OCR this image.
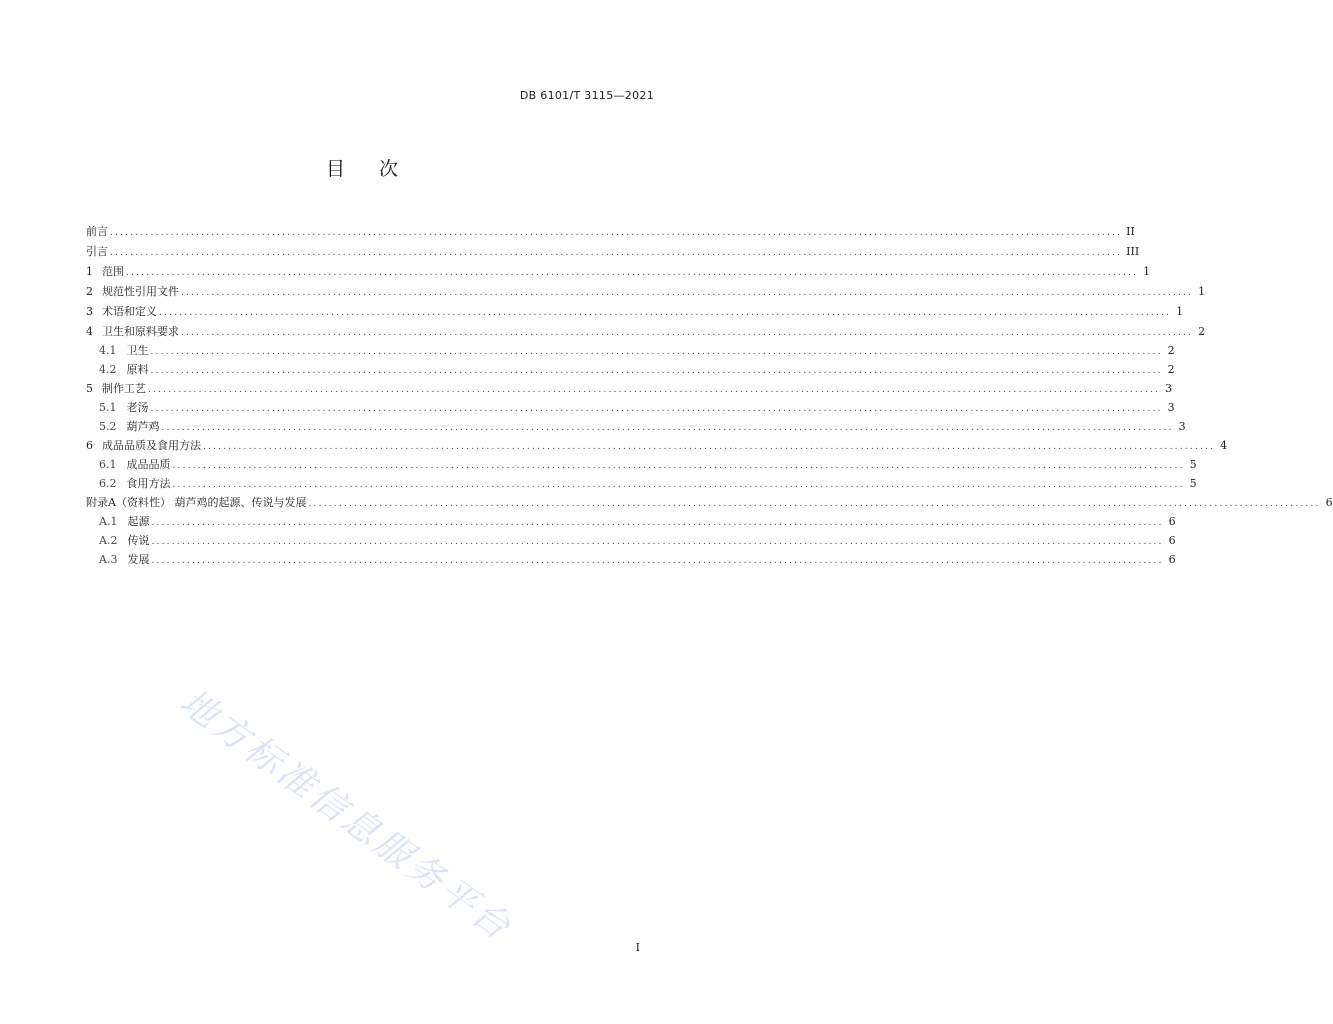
DB 6101/T 3115—2021
目次
前言 ........................................................................................................................................................................................................ II
引言 ........................................................................................................................................................................................................ III
1 范围 ........................................................................................................................................................................................................ 1
2 规范性引用文件 ........................................................................................................................................................................................................ 1
3 术语和定义 ........................................................................................................................................................................................................ 1
4 卫生和原料要求 ........................................................................................................................................................................................................ 2
4.1 卫生 ........................................................................................................................................................................................................ 2
4.2 原料 ........................................................................................................................................................................................................ 2
5 制作工艺 ........................................................................................................................................................................................................ 3
5.1 老汤 ........................................................................................................................................................................................................ 3
5.2 葫芦鸡 ........................................................................................................................................................................................................ 3
6 成品品质及食用方法 ........................................................................................................................................................................................................ 4
6.1 成品品质 ........................................................................................................................................................................................................ 5
6.2 食用方法 ........................................................................................................................................................................................................ 5
附录A（资料性） 葫芦鸡的起源、传说与发展 ........................................................................................................................................................................................................ 6
A.1 起源 ........................................................................................................................................................................................................ 6
A.2 传说 ........................................................................................................................................................................................................ 6
A.3 发展 ........................................................................................................................................................................................................ 6
地方标准信息服务平台	I
